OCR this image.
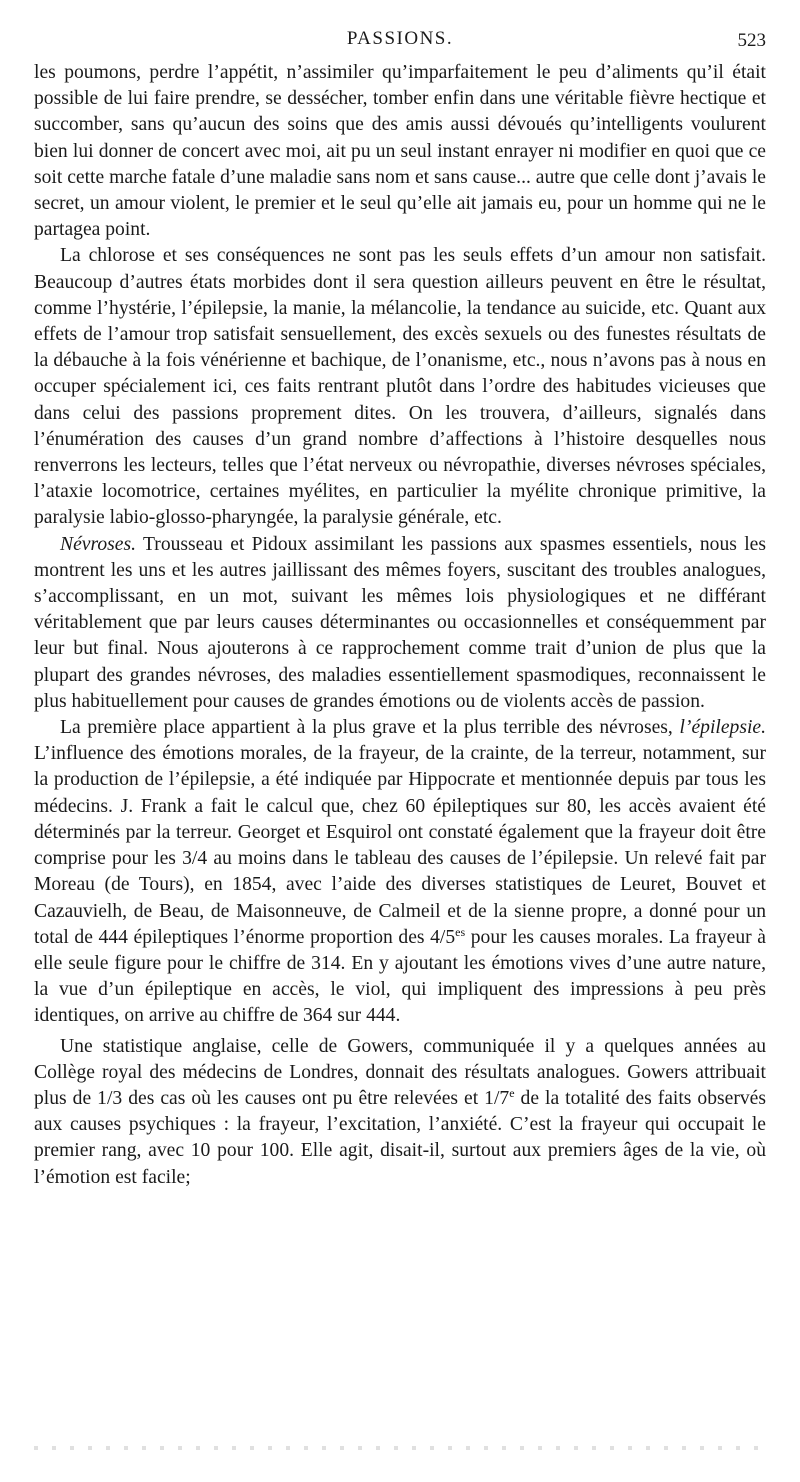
PASSIONS.	523

les poumons, perdre l’appétit, n’assimiler qu’imparfaitement le peu d’aliments qu’il était possible de lui faire prendre, se dessécher, tomber enfin dans une véritable fièvre hectique et succomber, sans qu’aucun des soins que des amis aussi dévoués qu’intelligents voulurent bien lui donner de concert avec moi, ait pu un seul instant enrayer ni modifier en quoi que ce soit cette marche fatale d’une maladie sans nom et sans cause... autre que celle dont j’avais le secret, un amour violent, le premier et le seul qu’elle ait jamais eu, pour un homme qui ne le partagea point.

La chlorose et ses conséquences ne sont pas les seuls effets d’un amour non satisfait. Beaucoup d’autres états morbides dont il sera question ailleurs peuvent en être le résultat, comme l’hystérie, l’épilepsie, la manie, la mélancolie, la tendance au suicide, etc. Quant aux effets de l’amour trop satisfait sensuellement, des excès sexuels ou des funestes résultats de la débauche à la fois vénérienne et bachique, de l’onanisme, etc., nous n’avons pas à nous en occuper spécialement ici, ces faits rentrant plutôt dans l’ordre des habitudes vicieuses que dans celui des passions proprement dites. On les trouvera, d’ailleurs, signalés dans l’énumération des causes d’un grand nombre d’affections à l’histoire desquelles nous renverrons les lecteurs, telles que l’état nerveux ou névropathie, diverses névroses spéciales, l’ataxie locomotrice, certaines myélites, en particulier la myélite chronique primitive, la paralysie labio-glosso-pharyngée, la paralysie générale, etc.

Névroses. Trousseau et Pidoux assimilant les passions aux spasmes essentiels, nous les montrent les uns et les autres jaillissant des mêmes foyers, suscitant des troubles analogues, s’accomplissant, en un mot, suivant les mêmes lois physiologiques et ne différant véritablement que par leurs causes déterminantes ou occasionnelles et conséquemment par leur but final. Nous ajouterons à ce rapprochement comme trait d’union de plus que la plupart des grandes névroses, des maladies essentiellement spasmodiques, reconnaissent le plus habituellement pour causes de grandes émotions ou de violents accès de passion.

La première place appartient à la plus grave et la plus terrible des névroses, l’épilepsie. L’influence des émotions morales, de la frayeur, de la crainte, de la terreur, notamment, sur la production de l’épilepsie, a été indiquée par Hippocrate et mentionnée depuis par tous les médecins. J. Frank a fait le calcul que, chez 60 épileptiques sur 80, les accès avaient été déterminés par la terreur. Georget et Esquirol ont constaté également que la frayeur doit être comprise pour les 3/4 au moins dans le tableau des causes de l’épilepsie. Un relevé fait par Moreau (de Tours), en 1854, avec l’aide des diverses statistiques de Leuret, Bouvet et Cazauvielh, de Beau, de Maisonneuve, de Calmeil et de la sienne propre, a donné pour un total de 444 épileptiques l’énorme proportion des $4/5^{es}$ pour les causes morales. La frayeur à elle seule figure pour le chiffre de 314. En y ajoutant les émotions vives d’une autre nature, la vue d’un épileptique en accès, le viol, qui impliquent des impressions à peu près identiques, on arrive au chiffre de 364 sur 444.

Une statistique anglaise, celle de Gowers, communiquée il y a quelques années au Collège royal des médecins de Londres, donnait des résultats analogues. Gowers attribuait plus de 1/3 des cas où les causes ont pu être relevées et 1/7e de la totalité des faits observés aux causes psychiques : la frayeur, l’excitation, l’anxiété. C’est la frayeur qui occupait le premier rang, avec 10 pour 100. Elle agit, disait-il, surtout aux premiers âges de la vie, où l’émotion est facile;
